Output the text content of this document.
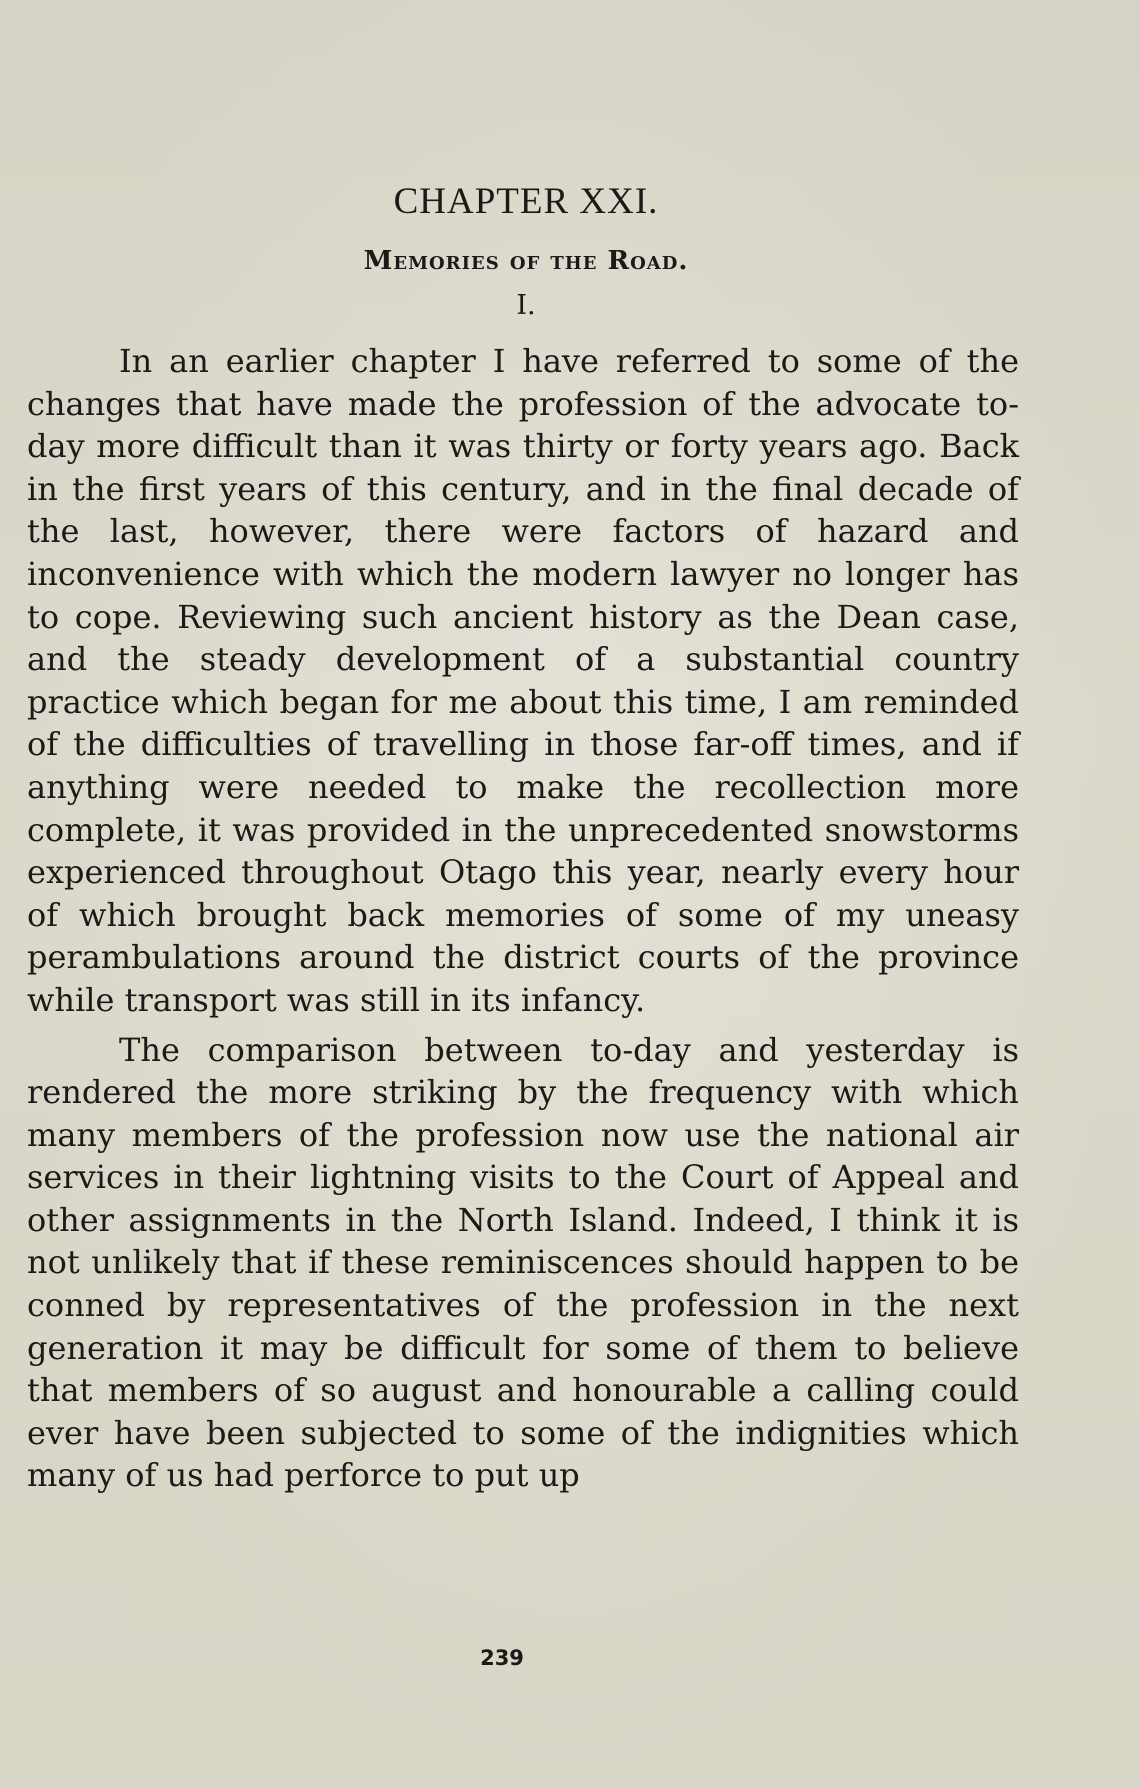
CHAPTER XXI.
Memories of the Road.
I.

In an earlier chapter I have referred to some of the changes that have made the profession of the advocate to-day more difficult than it was thirty or forty years ago. Back in the first years of this century, and in the final decade of the last, however, there were factors of hazard and inconvenience with which the modern lawyer no longer has to cope. Reviewing such ancient history as the Dean case, and the steady development of a substantial country practice which began for me about this time, I am reminded of the difficulties of travelling in those far-off times, and if anything were needed to make the recollection more complete, it was provided in the unprecedented snowstorms experienced throughout Otago this year, nearly every hour of which brought back memories of some of my uneasy perambulations around the district courts of the province while transport was still in its infancy.

The comparison between to-day and yesterday is rendered the more striking by the frequency with which many members of the profession now use the national air services in their lightning visits to the Court of Appeal and other assignments in the North Island. Indeed, I think it is not unlikely that if these reminiscences should happen to be conned by representatives of the profession in the next generation it may be difficult for some of them to believe that members of so august and honourable a calling could ever have been subjected to some of the indignities which many of us had perforce to put up

239
